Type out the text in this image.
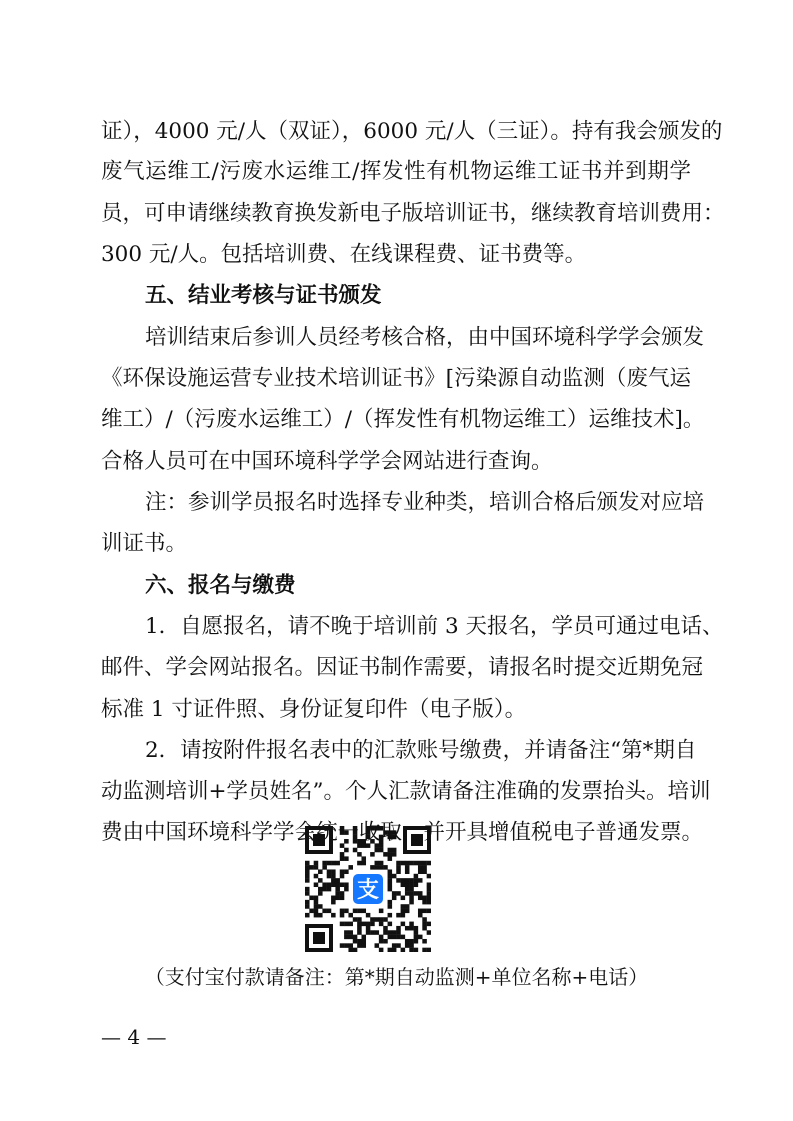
证），4000 元/人（双证），6000 元/人（三证）。持有我会颁发的
废气运维工/污废水运维工/挥发性有机物运维工证书并到期学
员，可申请继续教育换发新电子版培训证书，继续教育培训费用：
300 元/人。包括培训费、在线课程费、证书费等。
五、结业考核与证书颁发
培训结束后参训人员经考核合格，由中国环境科学学会颁发
《环保设施运营专业技术培训证书》[污染源自动监测（废气运
维工）/（污废水运维工）/（挥发性有机物运维工）运维技术]。
合格人员可在中国环境科学学会网站进行查询。
注：参训学员报名时选择专业种类，培训合格后颁发对应培
训证书。
六、报名与缴费
1．自愿报名，请不晚于培训前 3 天报名，学员可通过电话、
邮件、学会网站报名。因证书制作需要，请报名时提交近期免冠
标准 1 寸证件照、身份证复印件（电子版）。
2．请按附件报名表中的汇款账号缴费，并请备注“第*期自
动监测培训+学员姓名”。个人汇款请备注准确的发票抬头。培训
支
（支付宝付款请备注：第*期自动监测+单位名称+电话）
— 4 —
费由中国环境科学学会统一收取，并开具增值税电子普通发票。
